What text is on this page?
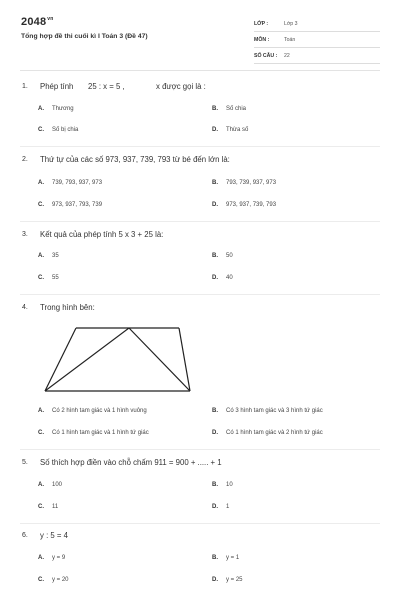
$2048^{vn}$
Tổng hợp đề thi cuối kì I Toán 3 (Đề 47)
LỚP :	Lớp 3
MÔN :	Toán
SỐ CÂU :	22
1. Phép tính 25 : x = 5 ,	x được gọi là :
A. Thương	B. Số chia
C. Số bị chia	D. Thừa số
2. Thứ tự của các số 973, 937, 739, 793 từ bé đến lớn là:
A. 739, 793, 937, 973	B. 793, 739, 937, 973
C. 973, 937, 793, 739	D. 973, 937, 739, 793
3. Kết quả của phép tính 5 x 3 + 25 là:
A. 35	B. 50
C. 55	D. 40
4. Trong hình bên:
A. Có 2 hình tam giác và 1 hình vuông	B. Có 3 hình tam giác và 3 hình tứ giác
C. Có 1 hình tam giác và 1 hình tứ giác	D. Có 1 hình tam giác và 2 hình tứ giác
5. Số thích hợp điền vào chỗ chấm 911 = 900 + ..... + 1
A. 100	B. 10
C. 11	D. 1
6. y : 5 = 4
A. y = 9	B. y = 1
C. y = 20	D. y = 25
